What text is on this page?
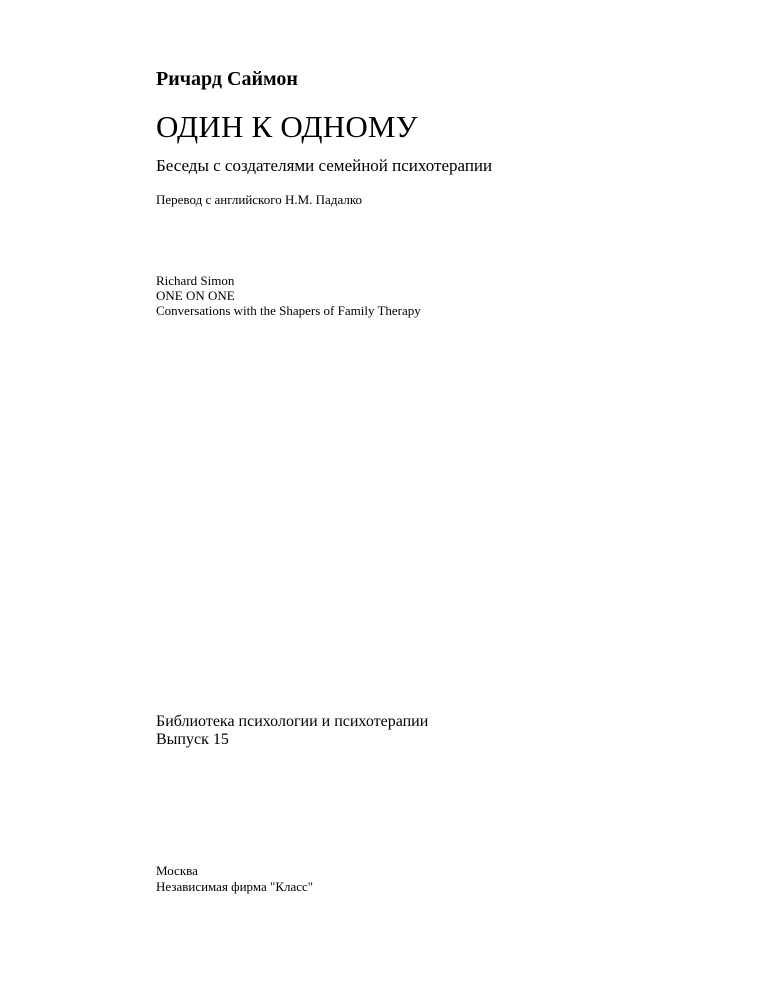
Ричард Саймон
ОДИН К ОДНОМУ
Беседы с создателями семейной психотерапии
Перевод с английского Н.М. Падалко
Richard Simon
ONE ON ONE
Conversations with the Shapers of Family Therapy
Библиотека психологии и психотерапии
Выпуск 15
Москва
Независимая фирма "Класс"
